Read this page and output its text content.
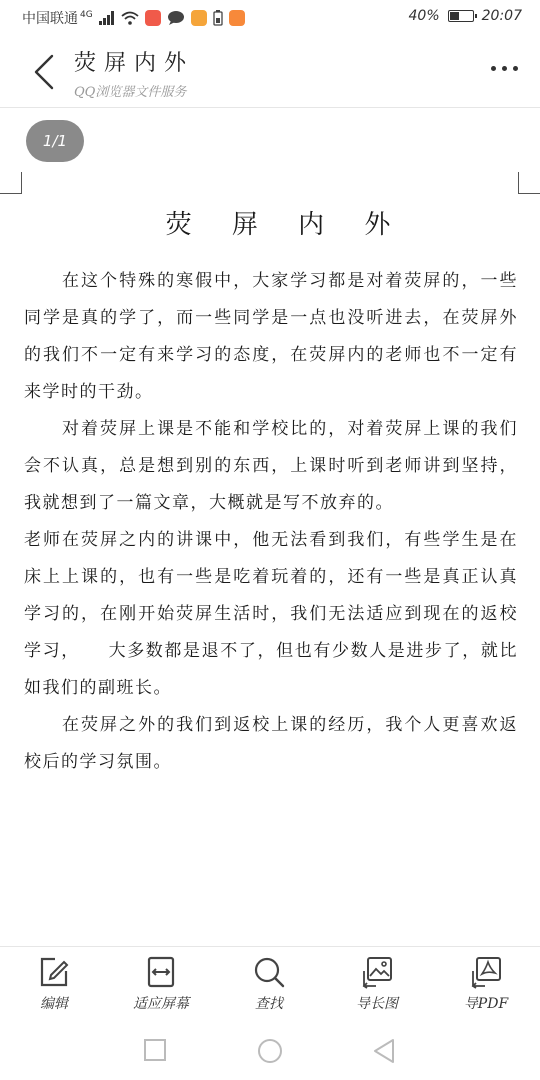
中国联通 4G	40%	20:07
荧屏内外
QQ浏览器文件服务
1/1
荧 屏 内 外

在这个特殊的寒假中，大家学习都是对着荧屏的，一些同学是真的学了，而一些同学是一点也没听进去，在荧屏外的我们不一定有来学习的态度，在荧屏内的老师也不一定有来学时的干劲。

对着荧屏上课是不能和学校比的，对着荧屏上课的我们会不认真，总是想到别的东西，上课时听到老师讲到坚持，我就想到了一篇文章，大概就是写不放弃的。

老师在荧屏之内的讲课中，他无法看到我们，有些学生是在床上上课的，也有一些是吃着玩着的，还有一些是真正认真学习的，在刚开始荧屏生活时，我们无法适应到现在的返校学习，　　大多数都是退不了，但也有少数人是进步了，就比如我们的副班长。

在荧屏之外的我们到返校上课的经历，我个人更喜欢返校后的学习氛围。

编辑	适应屏幕	查找	导长图	导PDF
